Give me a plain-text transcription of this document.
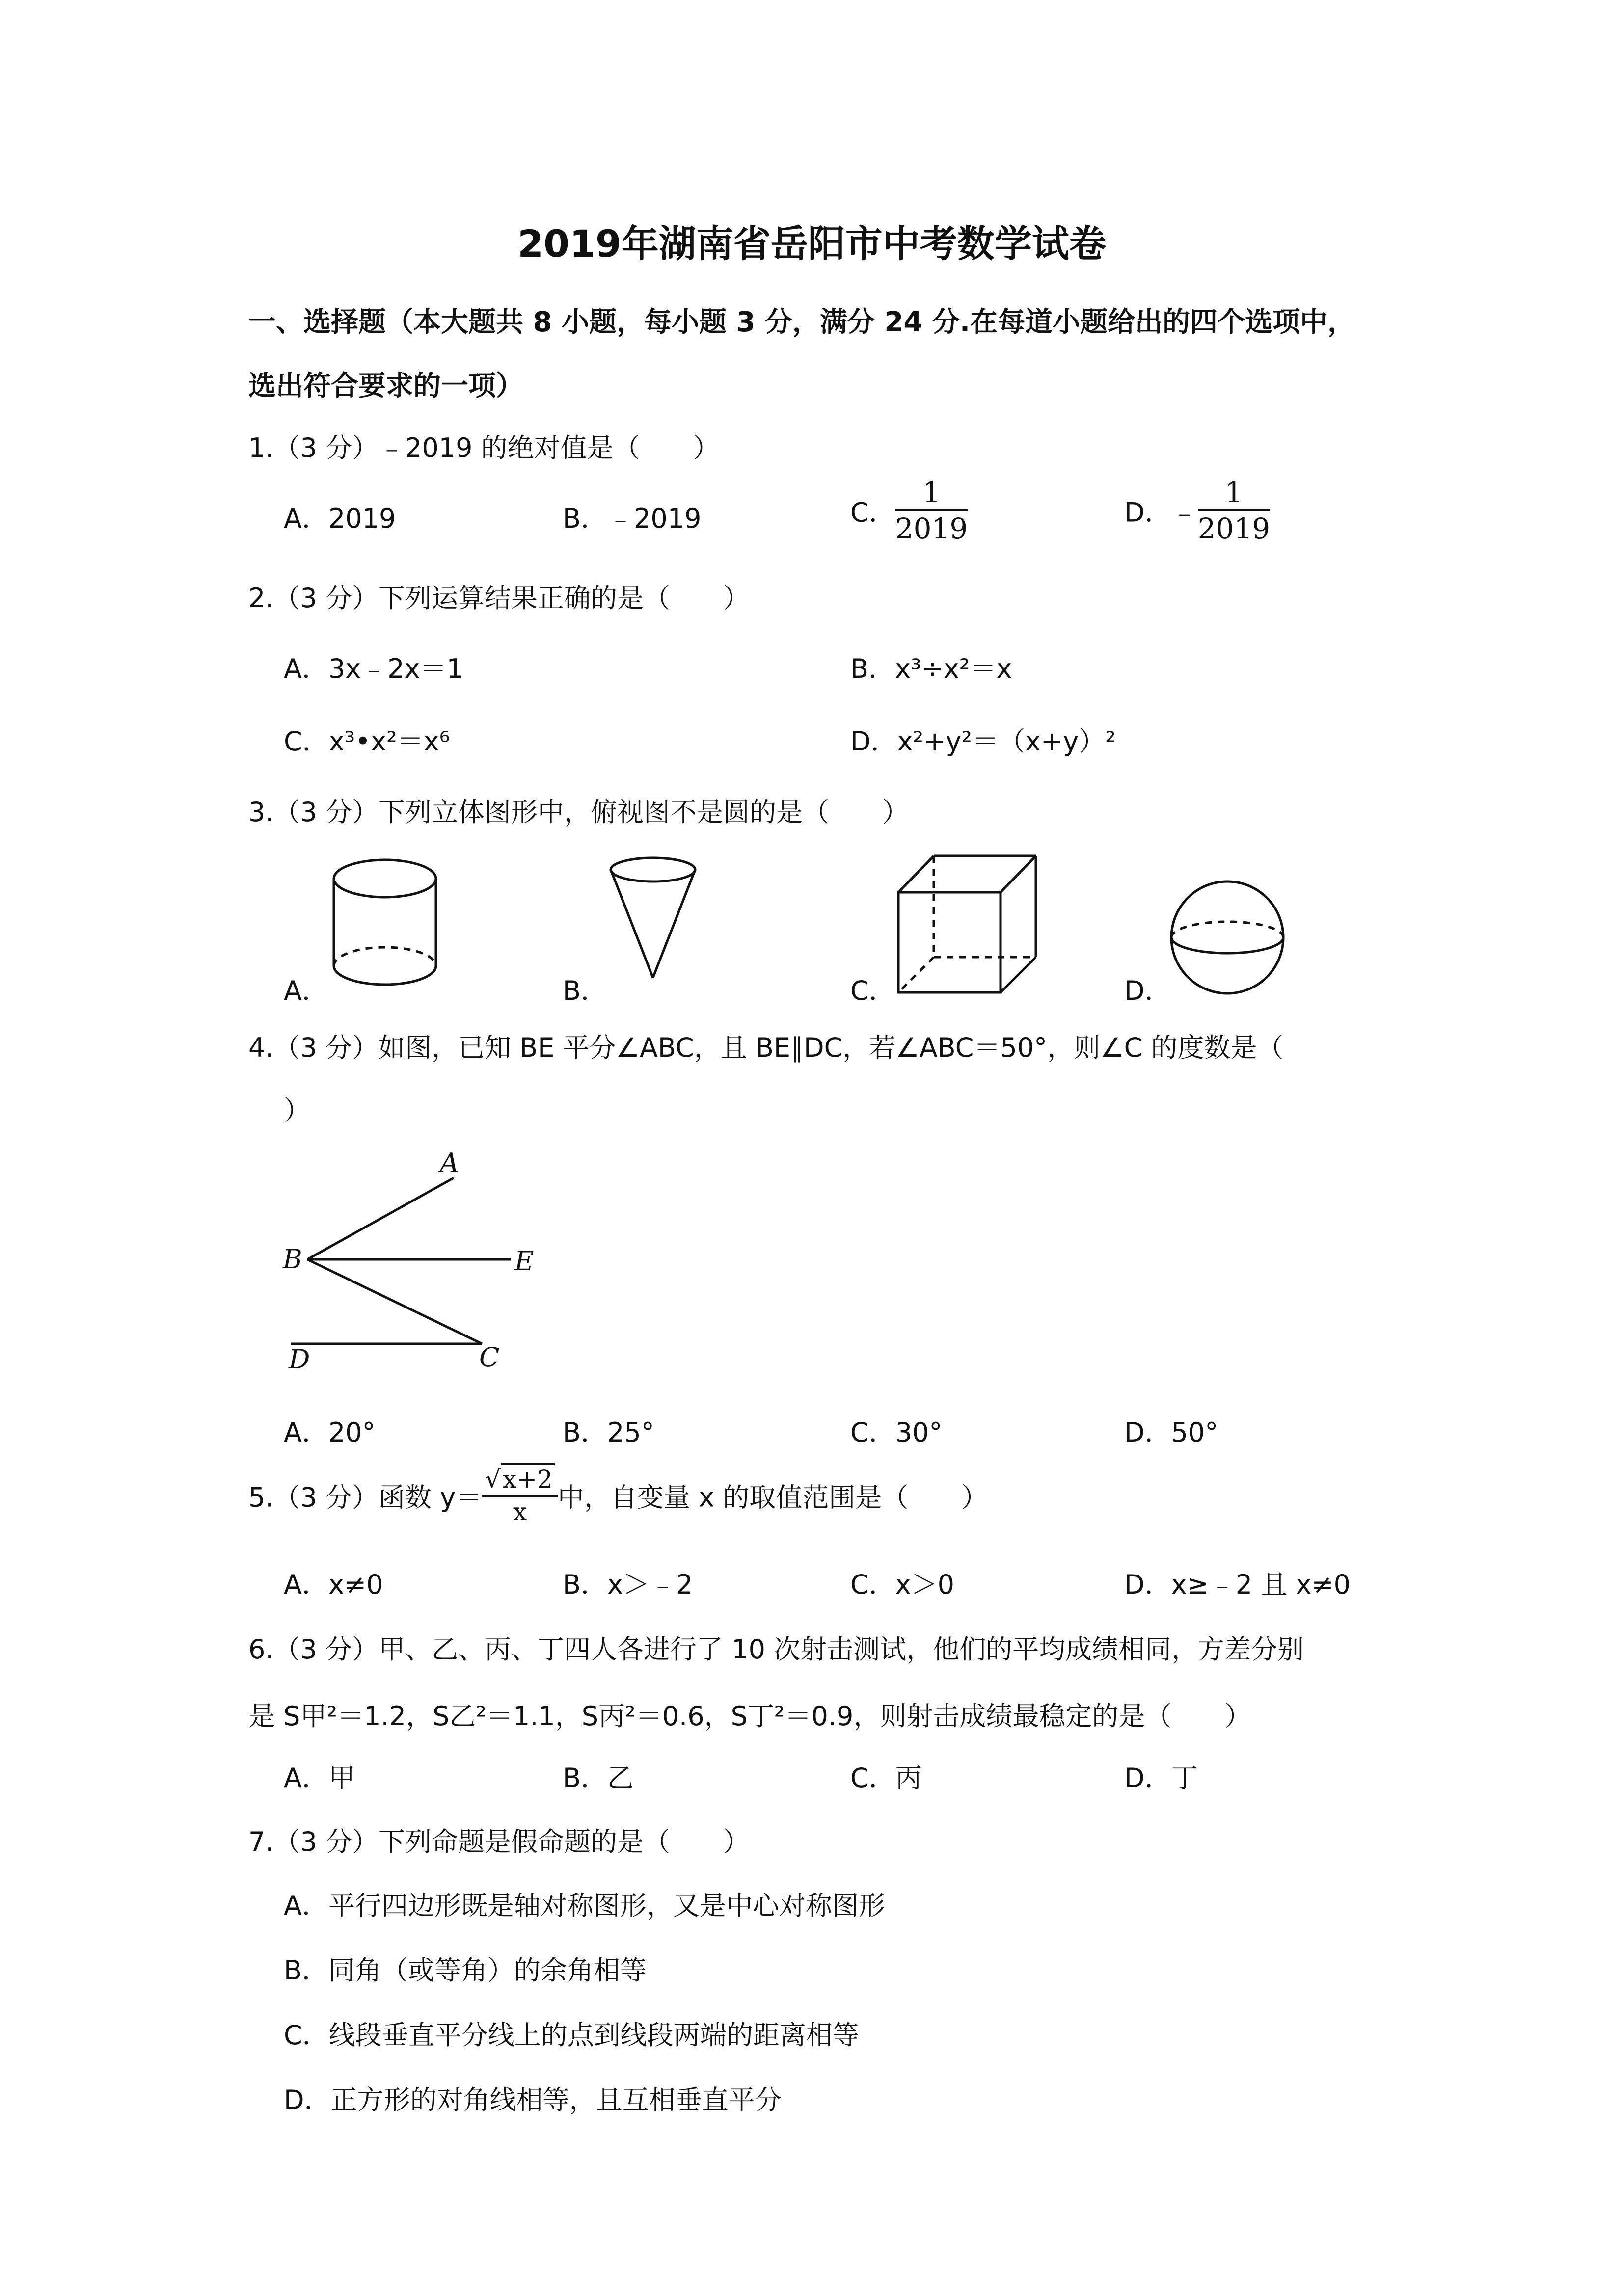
2019年湖南省岳阳市中考数学试卷
一、选择题（本大题共 8 小题，每小题 3 分，满分 24 分.在每道小题给出的四个选项中，
选出符合要求的一项）
1.（3 分）﹣2019 的绝对值是（　　）
A．2019	B．﹣2019	C． $\frac{1}{2019}$	D．﹣ $\frac{1}{2019}$
2.（3 分）下列运算结果正确的是（　　）
A．3x﹣2x＝1	B．x³÷x²＝x
C．x³•x²＝x⁶	D．x²+y²＝（x+y）²
3.（3 分）下列立体图形中，俯视图不是圆的是（　　）
A．	B．	C．	D．
4.（3 分）如图，已知 BE 平分∠ABC，且 BE∥DC，若∠ABC＝50°，则∠C 的度数是（
）
A
B	E
D	C
A．20°	B．25°	C．30°	D．50°
5.（3 分）函数 $y= \frac{√x+2}{x}$ 中，自变量 x 的取值范围是（　　）
A．x≠0	B．x＞﹣2	C．x＞0	D．x≥﹣2 且 x≠0
6.（3 分）甲、乙、丙、丁四人各进行了 10 次射击测试，他们的平均成绩相同，方差分别
是 S甲²＝1.2，S乙²＝1.1，S丙²＝0.6，S丁²＝0.9，则射击成绩最稳定的是（　　）
A．甲	B．乙	C．丙	D．丁
7.（3 分）下列命题是假命题的是（　　）
A．平行四边形既是轴对称图形，又是中心对称图形
B．同角（或等角）的余角相等
C．线段垂直平分线上的点到线段两端的距离相等
D．正方形的对角线相等，且互相垂直平分
